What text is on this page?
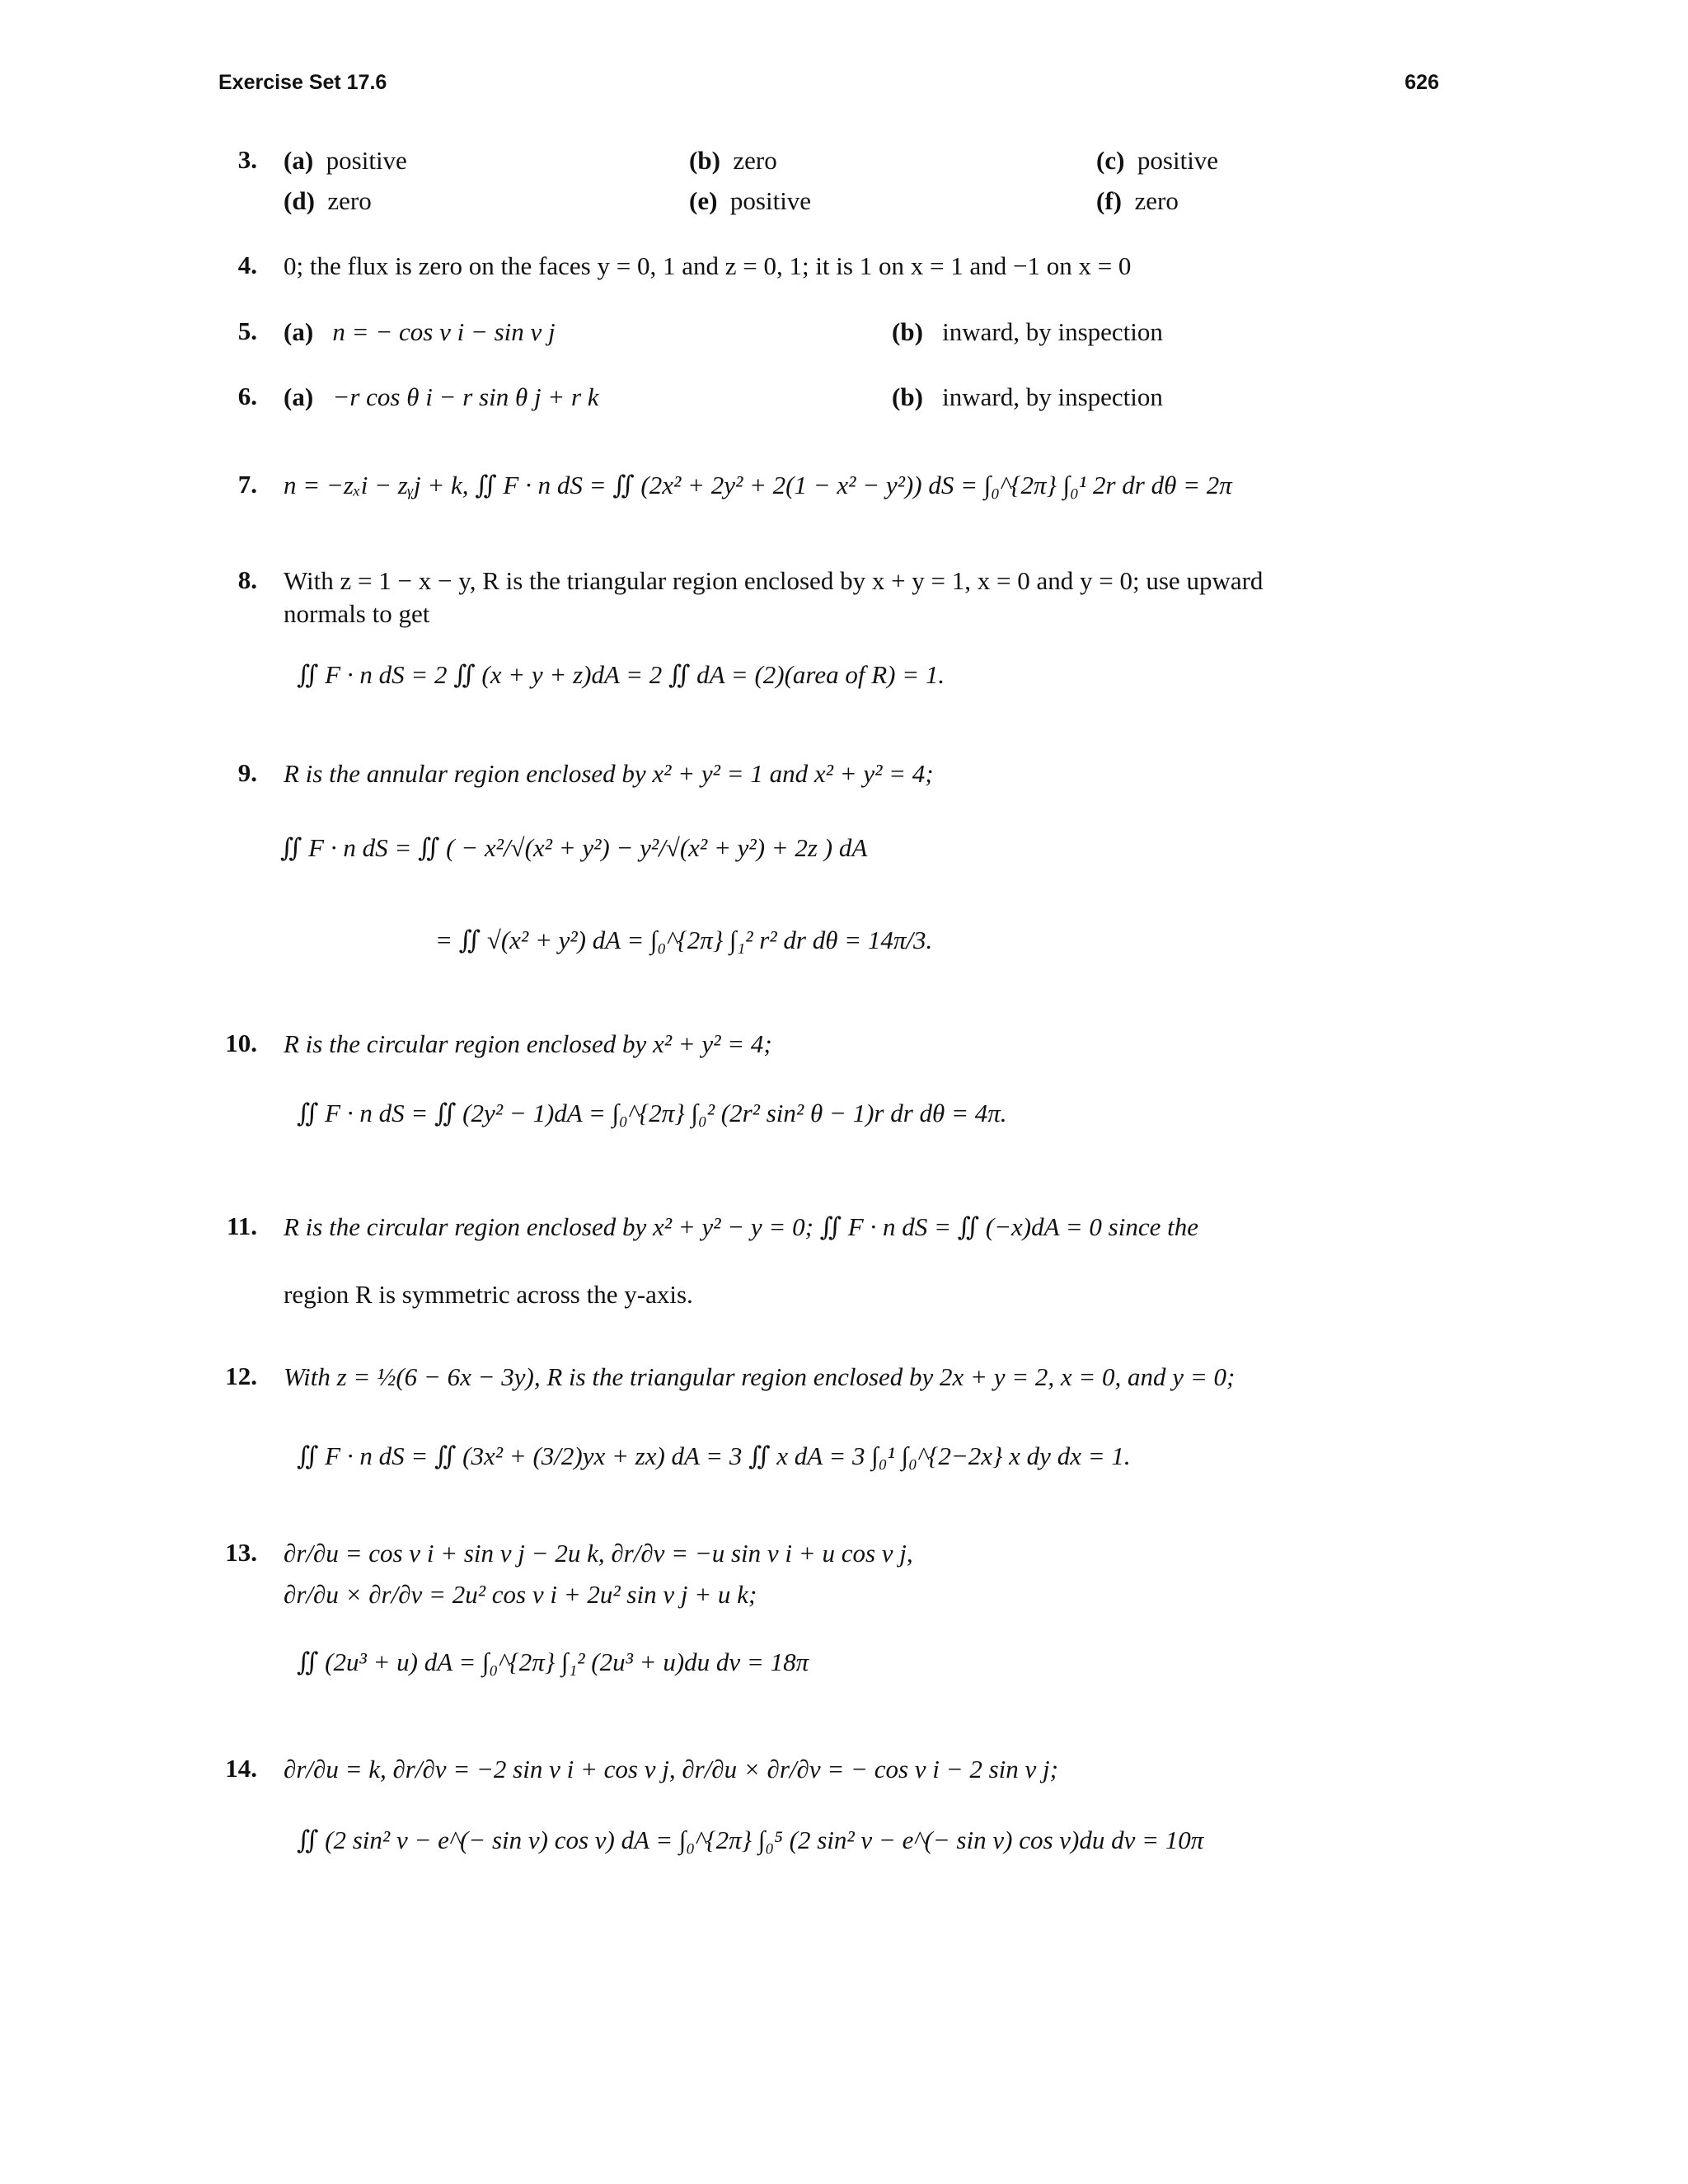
Exercise Set 17.6	626
3. (a) positive	(b) zero	(c) positive
(d) zero	(e) positive	(f) zero
4. 0; the flux is zero on the faces y = 0, 1 and z = 0, 1; it is 1 on x = 1 and −1 on x = 0
5. (a) n = − cos v i − sin v j	(b) inward, by inspection
6. (a) −r cos θ i − r sin θ j + r k	(b) inward, by inspection
7. n = −zₓi − zᵧj + k, ∬ F · n dS = ∬ (2x² + 2y² + 2(1 − x² − y²)) dS = ∫₀^{2π} ∫₀¹ 2r dr dθ = 2π
8. With z = 1 − x − y, R is the triangular region enclosed by x + y = 1, x = 0 and y = 0; use upward
normals to get
∬ F · n dS = 2 ∬ (x + y + z)dA = 2 ∬ dA = (2)(area of R) = 1.
9. R is the annular region enclosed by x² + y² = 1 and x² + y² = 4;
∬ F · n dS = ∬ ( − x²/√(x² + y²) − y²/√(x² + y²) + 2z ) dA
= ∬ √(x² + y²) dA = ∫₀^{2π} ∫₁² r² dr dθ = 14π/3.
10. R is the circular region enclosed by x² + y² = 4;
∬ F · n dS = ∬ (2y² − 1)dA = ∫₀^{2π} ∫₀² (2r² sin² θ − 1)r dr dθ = 4π.
11. R is the circular region enclosed by x² + y² − y = 0; ∬ F · n dS = ∬ (−x)dA = 0 since the
region R is symmetric across the y-axis.
12. With z = ½(6 − 6x − 3y), R is the triangular region enclosed by 2x + y = 2, x = 0, and y = 0;
∬ F · n dS = ∬ (3x² + (3/2)yx + zx) dA = 3 ∬ x dA = 3 ∫₀¹ ∫₀^{2−2x} x dy dx = 1.
13. ∂r/∂u = cos v i + sin v j − 2u k, ∂r/∂v = −u sin v i + u cos v j,
∂r/∂u × ∂r/∂v = 2u² cos v i + 2u² sin v j + u k;
∬ (2u³ + u) dA = ∫₀^{2π} ∫₁² (2u³ + u)du dv = 18π
14. ∂r/∂u = k, ∂r/∂v = −2 sin v i + cos v j, ∂r/∂u × ∂r/∂v = − cos v i − 2 sin v j;
∬ (2 sin² v − e^(− sin v) cos v) dA = ∫₀^{2π} ∫₀⁵ (2 sin² v − e^(− sin v) cos v)du dv = 10π
